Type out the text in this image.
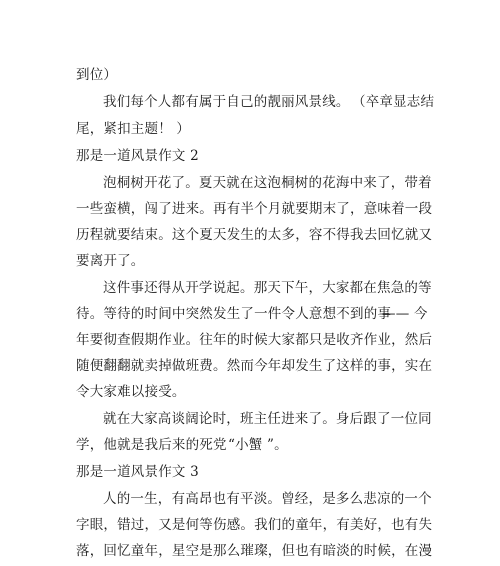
到位）
我们每个人都有属于自己的靓丽风景线。 （卒章显志结
尾，紧扣主题！ ）
那是一道风景作文 2
泡桐树开花了。夏天就在这泡桐树的花海中来了，带着
一些蛮横，闯了进来。再有半个月就要期末了，意味着一段
历程就要结束。这个夏天发生的太多，容不得我去回忆就又
要离开了。
这件事还得从开学说起。那天下午，大家都在焦急的等
待。等待的时间中突然发生了一件令人意想不到的事
—— 今
年要彻查假期作业。往年的时候大家都只是收齐作业，然后
随便翻翻就卖掉做班费。然而今年却发生了这样的事，实在
令大家难以接受。
就在大家高谈阔论时，班主任进来了。身后跟了一位同
学，他就是我后来的死党 “小蟹 ”。
那是一道风景作文 3
人的一生，有高昂也有平淡。曾经，是多么悲凉的一个
字眼，错过，又是何等伤感。我们的童年，有美好，也有失
落，回忆童年，星空是那么璀璨，但也有暗淡的时候，在漫
